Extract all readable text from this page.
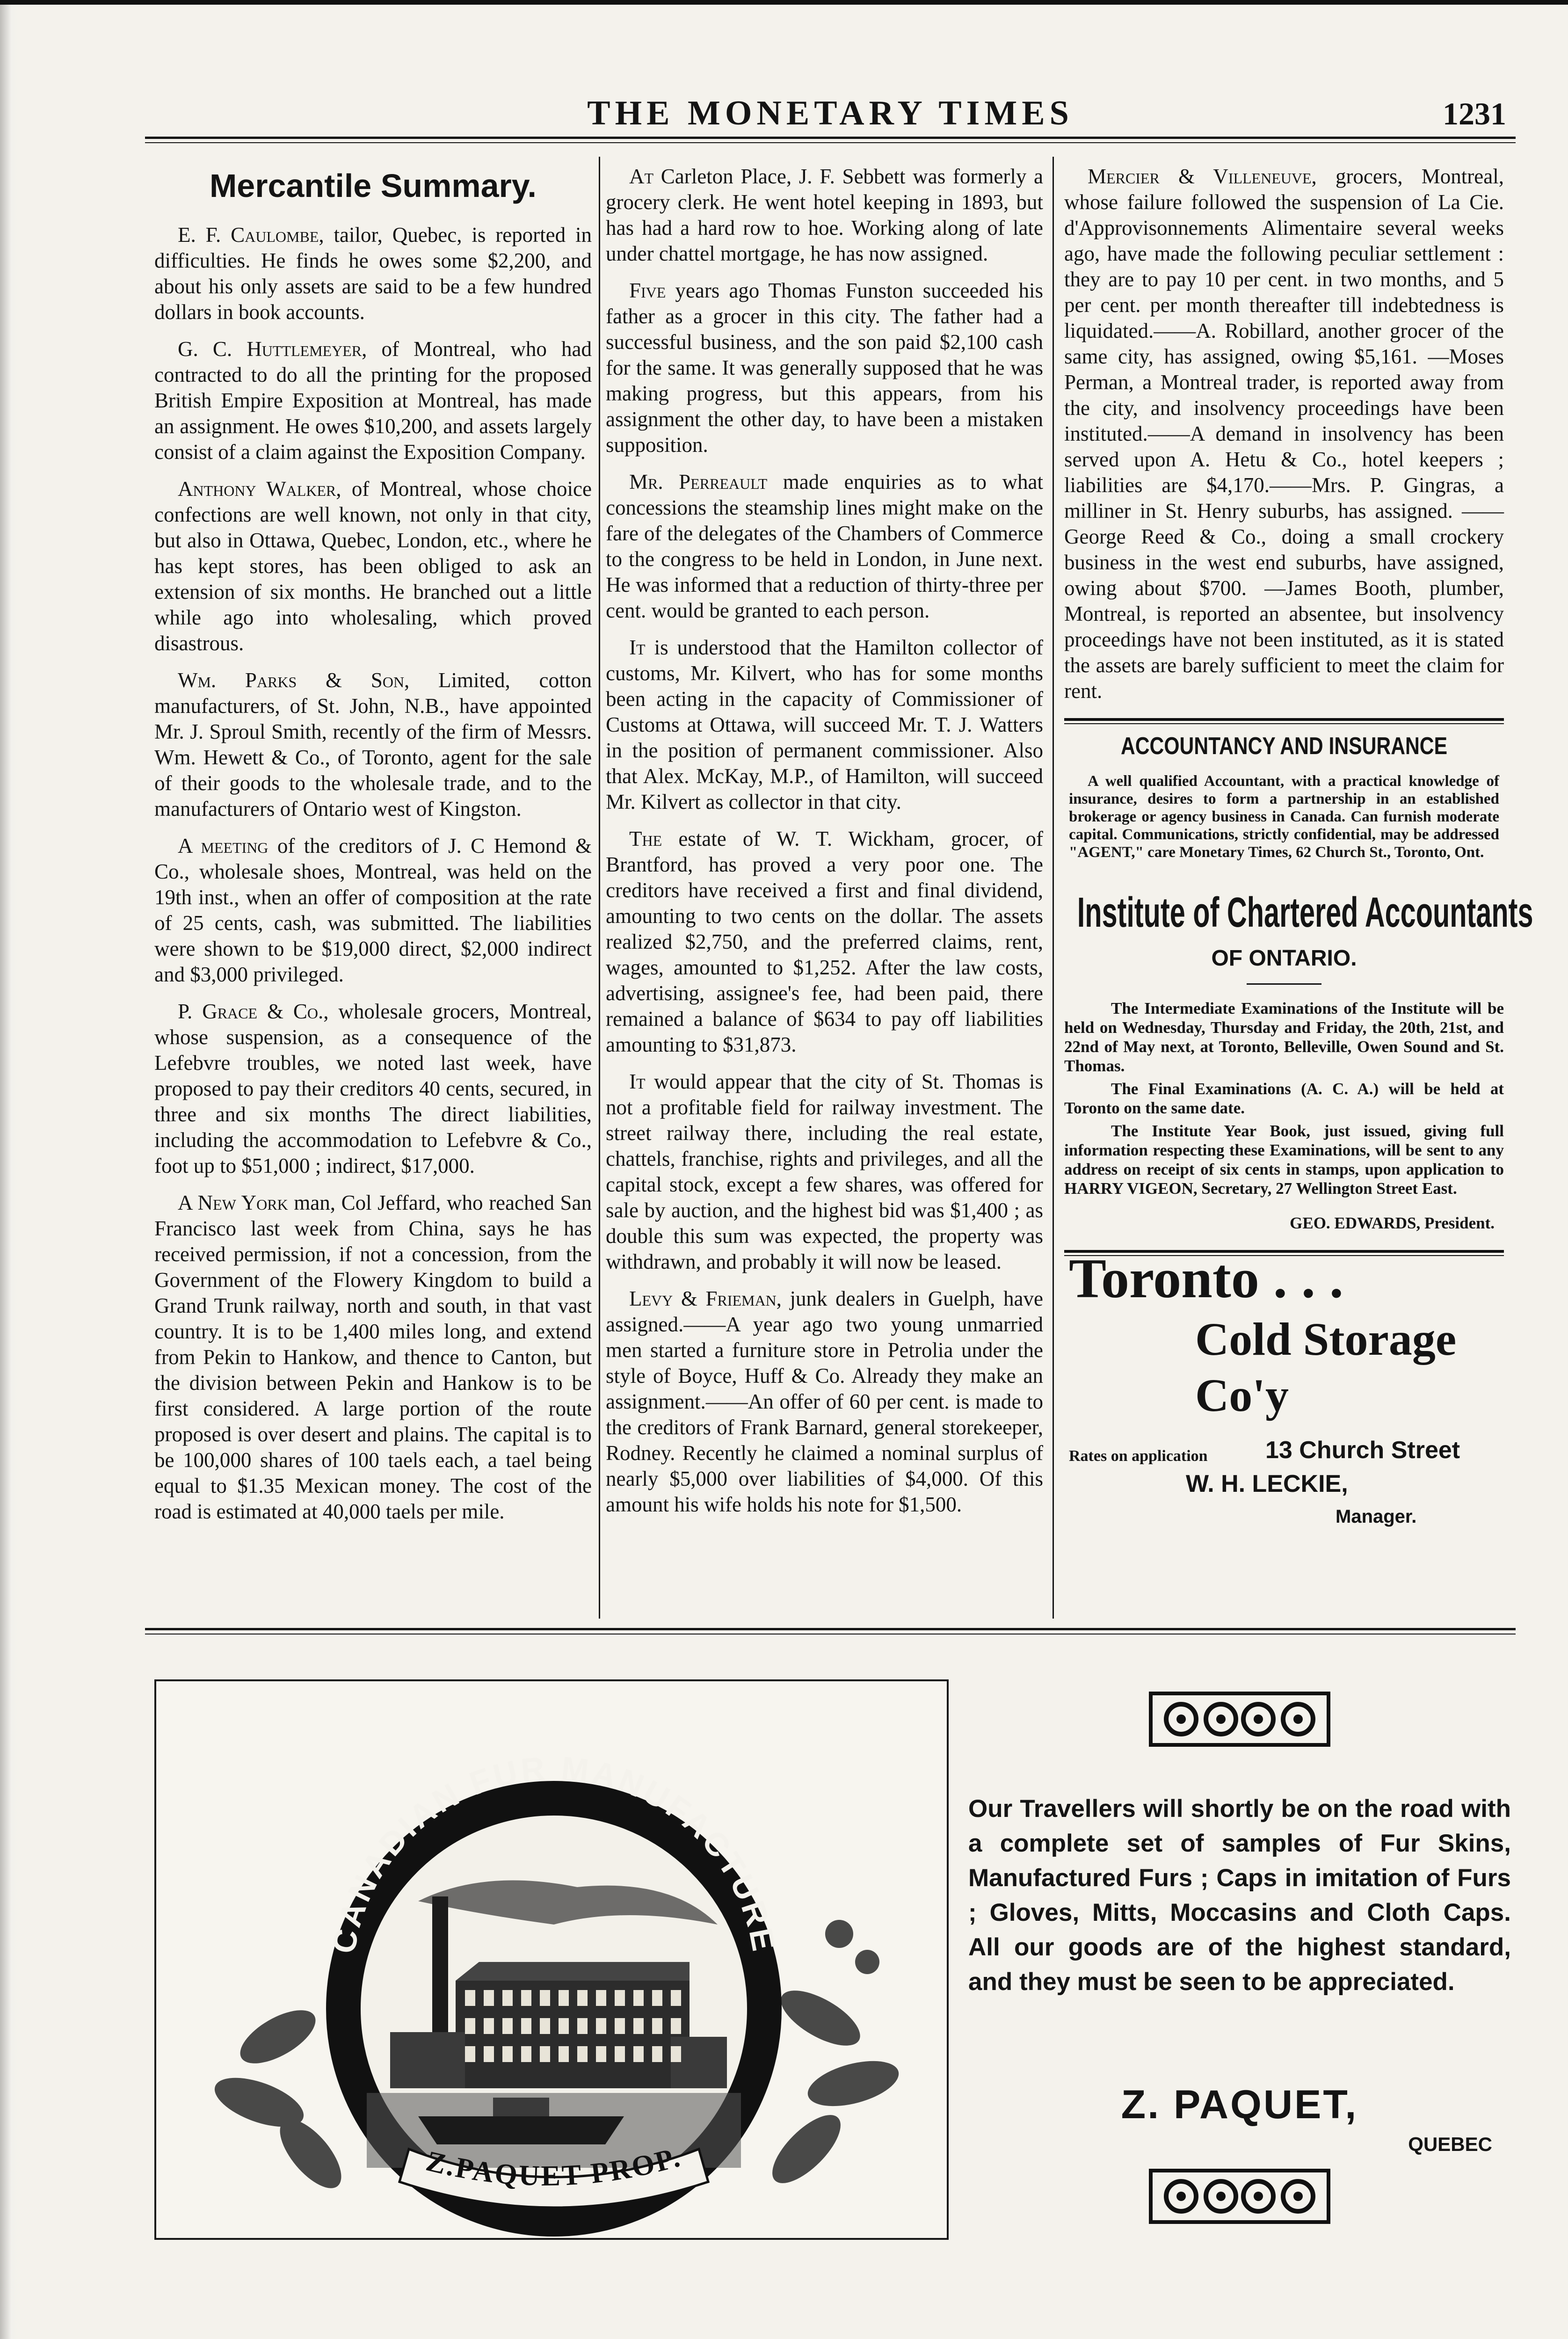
THE MONETARY TIMES	1231
Mercantile Summary.

E. F. Caulombe, tailor, Quebec, is reported in difficulties. He finds he owes some $2,200, and about his only assets are said to be a few hundred dollars in book accounts.

G. C. Huttlemeyer, of Montreal, who had contracted to do all the printing for the proposed British Empire Exposition at Montreal, has made an assignment. He owes $10,200, and assets largely consist of a claim against the Exposition Company.

Anthony Walker, of Montreal, whose choice confections are well known, not only in that city, but also in Ottawa, Quebec, London, etc., where he has kept stores, has been obliged to ask an extension of six months. He branched out a little while ago into wholesaling, which proved disastrous.

Wm. Parks & Son, Limited, cotton manufacturers, of St. John, N.B., have appointed Mr. J. Sproul Smith, recently of the firm of Messrs. Wm. Hewett & Co., of Toronto, agent for the sale of their goods to the wholesale trade, and to the manufacturers of Ontario west of Kingston.

A meeting of the creditors of J. C Hemond & Co., wholesale shoes, Montreal, was held on the 19th inst., when an offer of composition at the rate of 25 cents, cash, was submitted. The liabilities were shown to be $19,000 direct, $2,000 indirect and $3,000 privileged.

P. Grace & Co., wholesale grocers, Montreal, whose suspension, as a consequence of the Lefebvre troubles, we noted last week, have proposed to pay their creditors 40 cents, secured, in three and six months The direct liabilities, including the accommodation to Lefebvre & Co., foot up to $51,000 ; indirect, $17,000.

A New York man, Col Jeffard, who reached San Francisco last week from China, says he has received permission, if not a concession, from the Government of the Flowery Kingdom to build a Grand Trunk railway, north and south, in that vast country. It is to be 1,400 miles long, and extend from Pekin to Hankow, and thence to Canton, but the division between Pekin and Hankow is to be first considered. A large portion of the route proposed is over desert and plains. The capital is to be 100,000 shares of 100 taels each, a tael being equal to $1.35 Mexican money. The cost of the road is estimated at 40,000 taels per mile.

At Carleton Place, J. F. Sebbett was formerly a grocery clerk. He went hotel keeping in 1893, but has had a hard row to hoe. Working along of late under chattel mortgage, he has now assigned.

Five years ago Thomas Funston succeeded his father as a grocer in this city. The father had a successful business, and the son paid $2,100 cash for the same. It was generally supposed that he was making progress, but this appears, from his assignment the other day, to have been a mistaken supposition.

Mr. Perreault made enquiries as to what concessions the steamship lines might make on the fare of the delegates of the Chambers of Commerce to the congress to be held in London, in June next. He was informed that a reduction of thirty-three per cent. would be granted to each person.

It is understood that the Hamilton collector of customs, Mr. Kilvert, who has for some months been acting in the capacity of Commissioner of Customs at Ottawa, will succeed Mr. T. J. Watters in the position of permanent commissioner. Also that Alex. McKay, M.P., of Hamilton, will succeed Mr. Kilvert as collector in that city.

The estate of W. T. Wickham, grocer, of Brantford, has proved a very poor one. The creditors have received a first and final dividend, amounting to two cents on the dollar. The assets realized $2,750, and the preferred claims, rent, wages, amounted to $1,252. After the law costs, advertising, assignee's fee, had been paid, there remained a balance of $634 to pay off liabilities amounting to $31,873.

It would appear that the city of St. Thomas is not a profitable field for railway investment. The street railway there, including the real estate, chattels, franchise, rights and privileges, and all the capital stock, except a few shares, was offered for sale by auction, and the highest bid was $1,400 ; as double this sum was expected, the property was withdrawn, and probably it will now be leased.

Levy & Frieman, junk dealers in Guelph, have assigned.——A year ago two young unmarried men started a furniture store in Petrolia under the style of Boyce, Huff & Co. Already they make an assignment.——An offer of 60 per cent. is made to the creditors of Frank Barnard, general storekeeper, Rodney. Recently he claimed a nominal surplus of nearly $5,000 over liabilities of $4,000. Of this amount his wife holds his note for $1,500.

Mercier & Villeneuve, grocers, Montreal, whose failure followed the suspension of La Cie. d'Approvisonnements Alimentaire several weeks ago, have made the following peculiar settlement : they are to pay 10 per cent. in two months, and 5 per cent. per month thereafter till indebtedness is liquidated.——A. Robillard, another grocer of the same city, has assigned, owing $5,161. —Moses Perman, a Montreal trader, is reported away from the city, and insolvency proceedings have been instituted.——A demand in insolvency has been served upon A. Hetu & Co., hotel keepers ; liabilities are $4,170.——Mrs. P. Gingras, a milliner in St. Henry suburbs, has assigned. ——George Reed & Co., doing a small crockery business in the west end suburbs, have assigned, owing about $700. —James Booth, plumber, Montreal, is reported an absentee, but insolvency proceedings have not been instituted, as it is stated the assets are barely sufficient to meet the claim for rent.

ACCOUNTANCY AND INSURANCE
A well qualified Accountant, with a practical knowledge of insurance, desires to form a partnership in an established brokerage or agency business in Canada. Can furnish moderate capital. Communications, strictly confidential, may be addressed "AGENT," care Monetary Times, 62 Church St., Toronto, Ont.
Institute of Chartered Accountants
OF ONTARIO.
The Intermediate Examinations of the Institute will be held on Wednesday, Thursday and Friday, the 20th, 21st, and 22nd of May next, at Toronto, Belleville, Owen Sound and St. Thomas.
The Final Examinations (A. C. A.) will be held at Toronto on the same date.
The Institute Year Book, just issued, giving full information respecting these Examinations, will be sent to any address on receipt of six cents in stamps, upon application to HARRY VIGEON, Secretary, 27 Wellington Street East.
GEO. EDWARDS, President.
Toronto . . .
Cold Storage
Co'y
Rates on application 13 Church Street
W. H. LECKIE,
Manager.
CANADIAN FUR MANUFACTURE
Z.PAQUET PROP.
Our Travellers will shortly be on the road with a complete set of samples of Fur Skins, Manufactured Furs ; Caps in imitation of Furs ; Gloves, Mitts, Moccasins and Cloth Caps. All our goods are of the highest standard, and they must be seen to be appreciated.
Z. PAQUET,
QUEBEC
